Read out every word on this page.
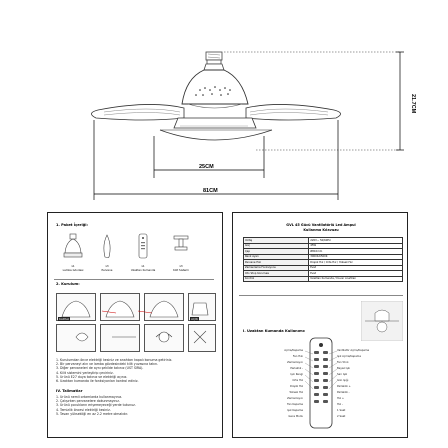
21.7CM
25CM
81CM
1. Paket İçeriği:
x1
Lamba Gövdesi
x3
Pervane
x1
Uzaktan Kumanda
x3
Kilit Sistemi
2. Kurulum:
KAPALI	AÇIK
1. Kurulumdan önce elektriği kesiniz ve anahtarı kapalı konuma getiriniz.
2. Bir pervaneyi alın ve lamba gövdesindeki kilit yuvasına takın.
3. Diğer pervaneleri de aynı şekilde takınız (ÜST SIRA).
4. Kilit sistemini yerleştirip çeviriniz.
5. Ürünü E27 duya takınız ve elektriği açınız.
6. Uzaktan kumanda ile fonksiyonları kontrol ediniz.
IV. Talimatlar
1. Ürünü nemli ortamlarda kullanmayınız.
2. Çalışırken pervanelere dokunmayınız.
3. Ürünü çocukların erişemeyeceği yerde tutunuz.
4. Temizlik öncesi elektriği kesiniz.
5. Tavan yüksekliği en az 2.2 metre olmalıdır.
GVL 45 Gücü Vantilatörlü Led Ampul
Kullanma Kılavuzu
Voltaj	220V~ 50/60Hz
Güç	45W
Çap	Ø810mm
Renk Ayarı	3000K-6500K
Pervane Hızı	Düşük Hız / Orta Hız / Yüksek Hız
Zamanlama Fonksiyonu	Evet
Oto Stop Koruması	Evet
Kontrol	Uzaktan Kumanda / Duvar Anahtarı
I. Uzaktan Kumanda Kullanımı:
Açma/Kapama
Fan Hızı
Zamanlayıcı
Parlaklık -
Işık Rengi
Orta Hız
Düşük Hız
Yüksek Hız
Zamanlayıcı
Fan Kapama
Işık Kapama
Gece Modu
Vantilatör Açma/Kapama
Işık Açma/Kapama
Fan Yönü
Beyaz Işık
Sarı Işık
Gün Işığı
Parlaklık +
Parlaklık -
Hız +
Hız -
1 Saat
2 Saat
